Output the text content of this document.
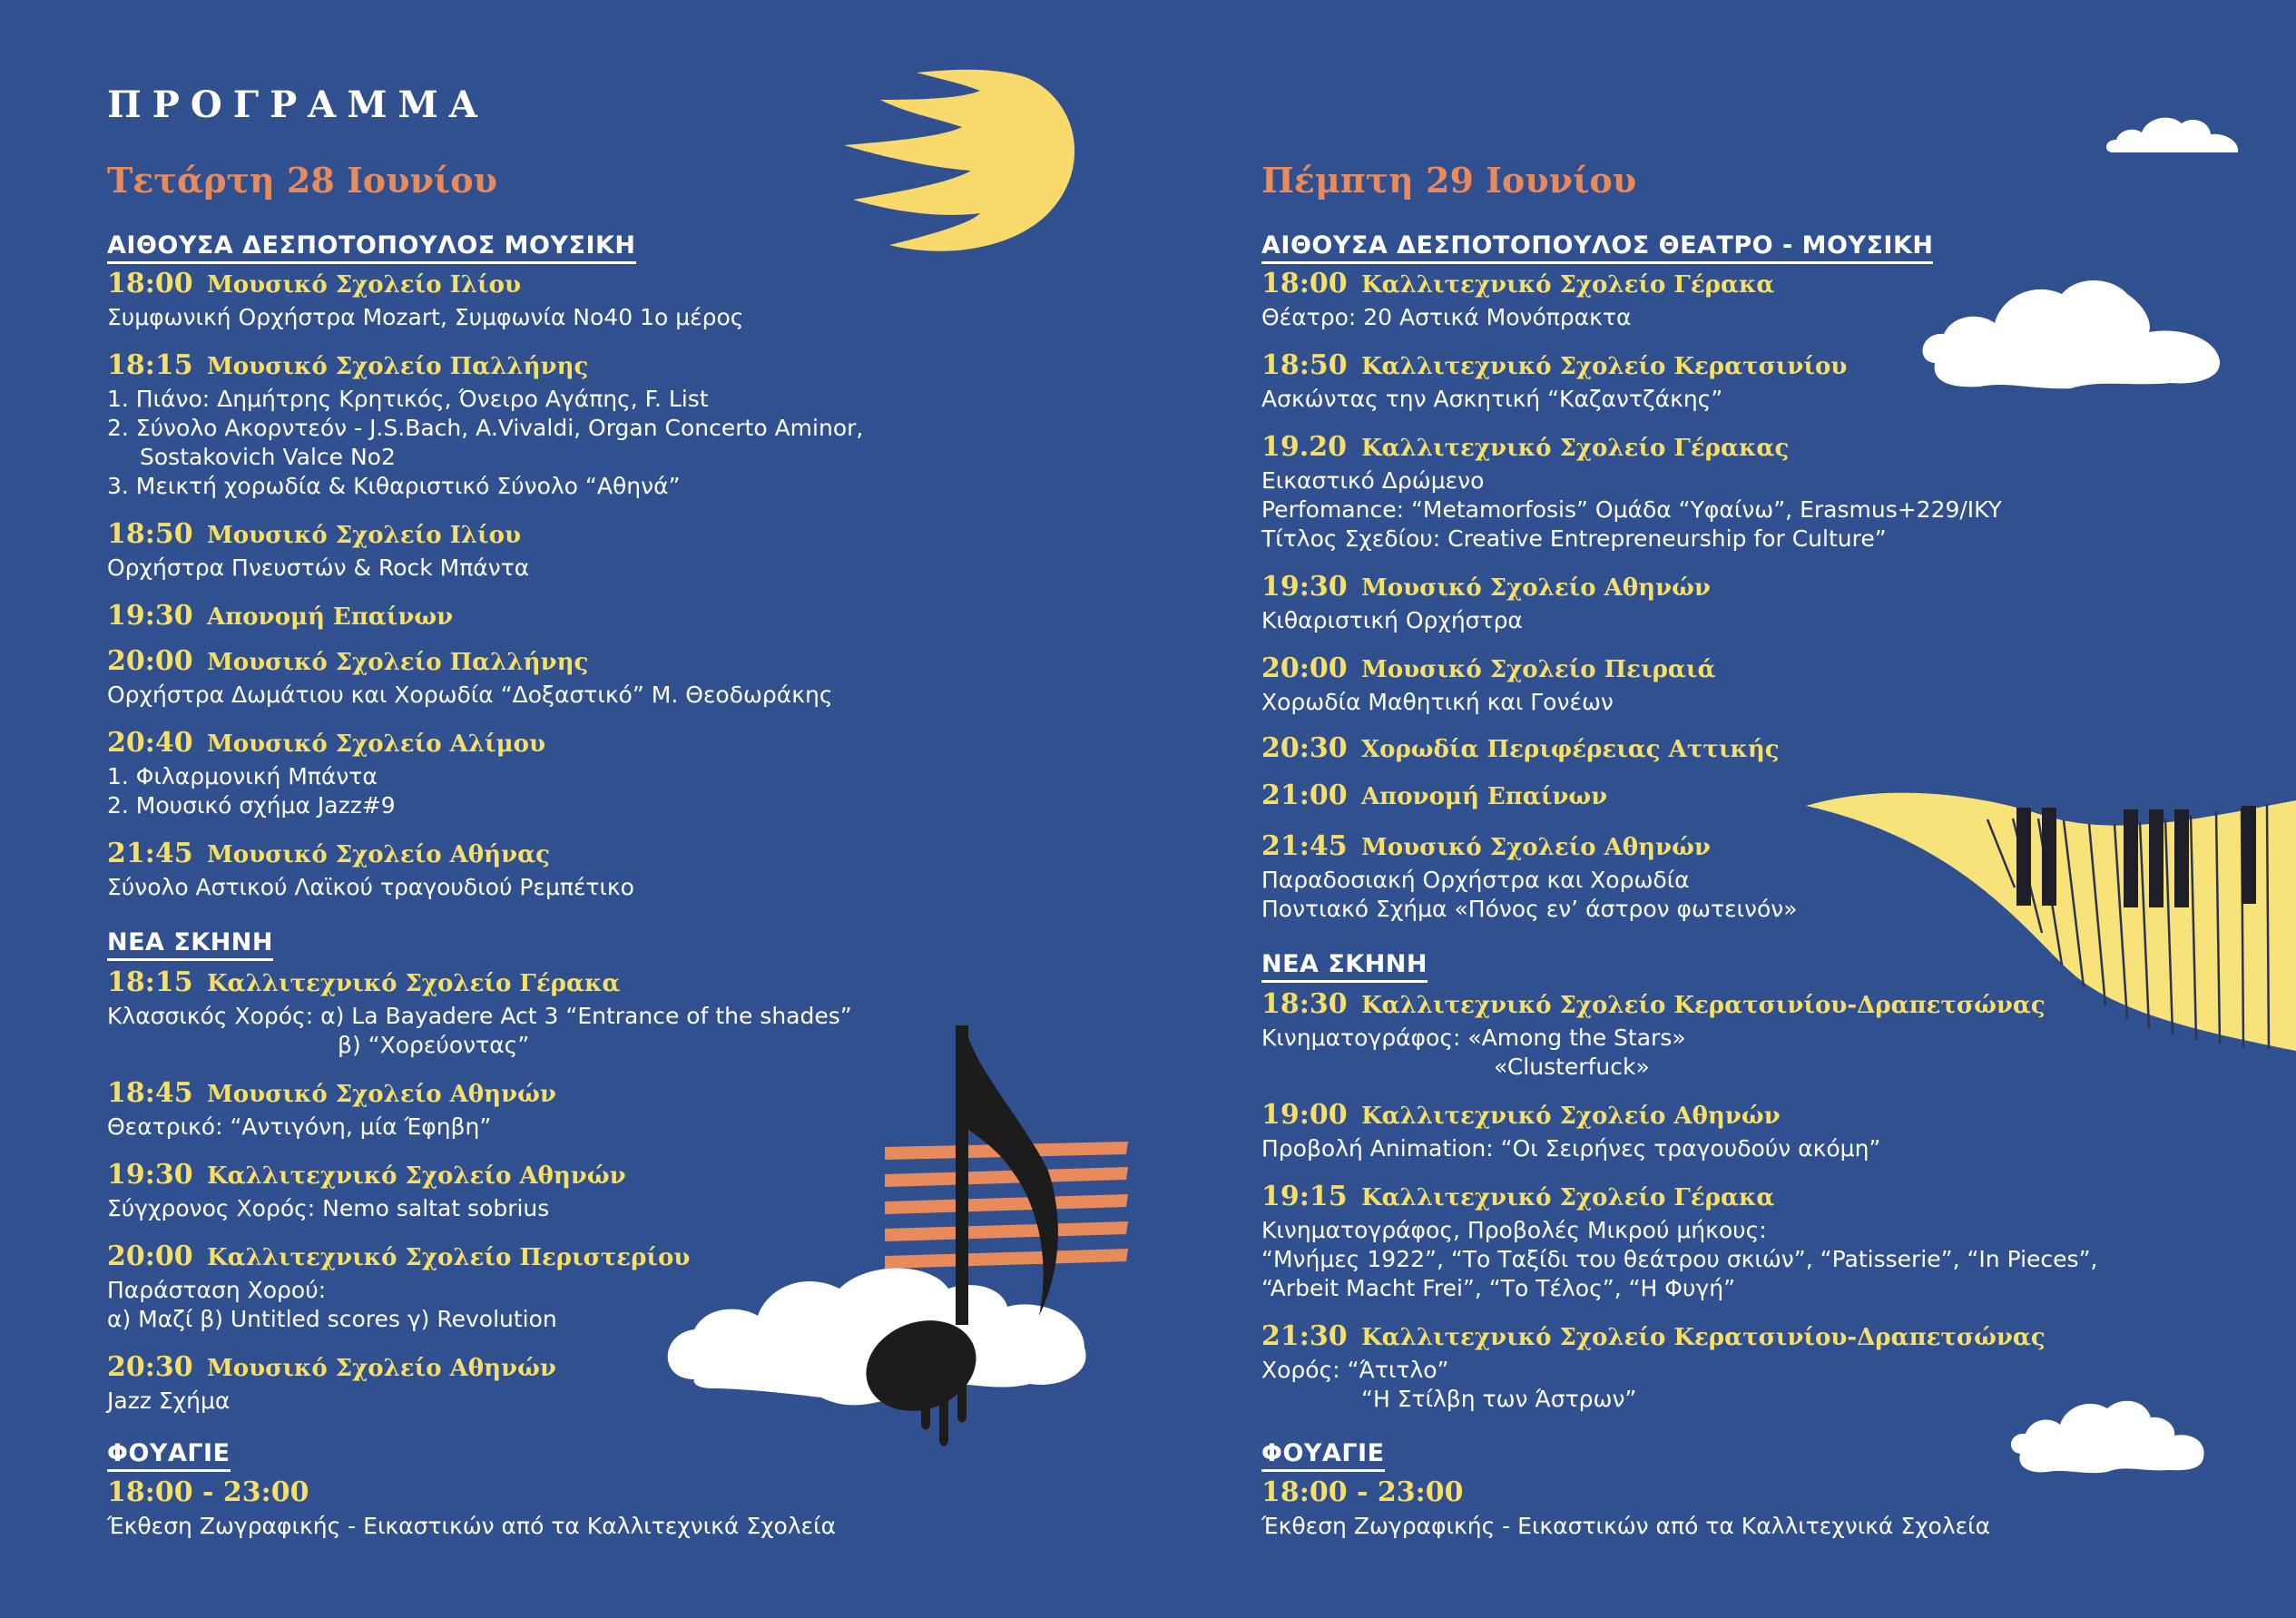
ΠΡΟΓΡΑΜΜΑ
Τετάρτη 28 Ιουνίου
ΑΙΘΟΥΣΑ ΔΕΣΠΟΤΟΠΟΥΛΟΣ ΜΟΥΣΙΚΗ
18:00 Μουσικό Σχολείο Ιλίου
Συμφωνική Ορχήστρα Mozart, Συμφωνία No40 1ο μέρος
18:15 Μουσικό Σχολείο Παλλήνης
1. Πιάνο: Δημήτρης Κρητικός, Όνειρο Αγάπης, F. List
2. Σύνολο Ακορντεόν - J.S.Bach, A.Vivaldi, Organ Concerto Aminor,
Sostakovich Valce No2
3. Μεικτή χορωδία & Κιθαριστικό Σύνολο “Αθηνά”
18:50 Μουσικό Σχολείο Ιλίου
Ορχήστρα Πνευστών & Rock Μπάντα
19:30 Απονομή Επαίνων
20:00 Μουσικό Σχολείο Παλλήνης
Ορχήστρα Δωμάτιου και Χορωδία “Δοξαστικό” Μ. Θεοδωράκης
20:40 Μουσικό Σχολείο Αλίμου
1. Φιλαρμονική Μπάντα
2. Μουσικό σχήμα Jazz#9
21:45 Μουσικό Σχολείο Αθήνας
Σύνολο Αστικού Λαϊκού τραγουδιού Ρεμπέτικο
ΝΕΑ ΣΚΗΝΗ
18:15 Καλλιτεχνικό Σχολείο Γέρακα
Κλασσικός Χορός: α) La Bayadere Act 3 “Entrance of the shades”
β) “Χορεύοντας”
18:45 Μουσικό Σχολείο Αθηνών
Θεατρικό: “Αντιγόνη, μία Έφηβη”
19:30 Καλλιτεχνικό Σχολείο Αθηνών
Σύγχρονος Χορός: Nemo saltat sobrius
20:00 Καλλιτεχνικό Σχολείο Περιστερίου
Παράσταση Χορού:
α) Μαζί β) Untitled scores γ) Revolution
20:30 Μουσικό Σχολείο Αθηνών
Jazz Σχήμα
ΦΟΥΑΓΙΕ
18:00 - 23:00
Έκθεση Ζωγραφικής - Εικαστικών από τα Καλλιτεχνικά Σχολεία
Πέμπτη 29 Ιουνίου
ΑΙΘΟΥΣΑ ΔΕΣΠΟΤΟΠΟΥΛΟΣ ΘΕΑΤΡΟ - ΜΟΥΣΙΚΗ
18:00 Καλλιτεχνικό Σχολείο Γέρακα
Θέατρο: 20 Αστικά Μονόπρακτα
18:50 Καλλιτεχνικό Σχολείο Κερατσινίου
Ασκώντας την Ασκητική “Καζαντζάκης”
19.20 Καλλιτεχνικό Σχολείο Γέρακας
Εικαστικό Δρώμενο
Perfomance: “Metamorfosis” Ομάδα “Υφαίνω”, Erasmus+229/IKY
Τίτλος Σχεδίου: Creative Entrepreneurship for Culture”
19:30 Μουσικό Σχολείο Αθηνών
Κιθαριστική Ορχήστρα
20:00 Μουσικό Σχολείο Πειραιά
Χορωδία Μαθητική και Γονέων
20:30 Χορωδία Περιφέρειας Αττικής
21:00 Απονομή Επαίνων
21:45 Μουσικό Σχολείο Αθηνών
Παραδοσιακή Ορχήστρα και Χορωδία
Ποντιακό Σχήμα «Πόνος εν’ άστρον φωτεινόν»
ΝΕΑ ΣΚΗΝΗ
18:30 Καλλιτεχνικό Σχολείο Κερατσινίου-Δραπετσώνας
Κινηματογράφος: «Among the Stars»
«Clusterfuck»
19:00 Καλλιτεχνικό Σχολείο Αθηνών
Προβολή Animation: “Οι Σειρήνες τραγουδούν ακόμη”
19:15 Καλλιτεχνικό Σχολείο Γέρακα
Κινηματογράφος, Προβολές Μικρού μήκους:
“Μνήμες 1922”, “Το Ταξίδι του θεάτρου σκιών”, “Patisserie”, “In Pieces”,
“Arbeit Macht Frei”, “Το Τέλος”, “Η Φυγή”
21:30 Καλλιτεχνικό Σχολείο Κερατσινίου-Δραπετσώνας
Χορός: “Άτιτλο”
“Η Στίλβη των Άστρων”
ΦΟΥΑΓΙΕ
18:00 - 23:00
Έκθεση Ζωγραφικής - Εικαστικών από τα Καλλιτεχνικά Σχολεία
